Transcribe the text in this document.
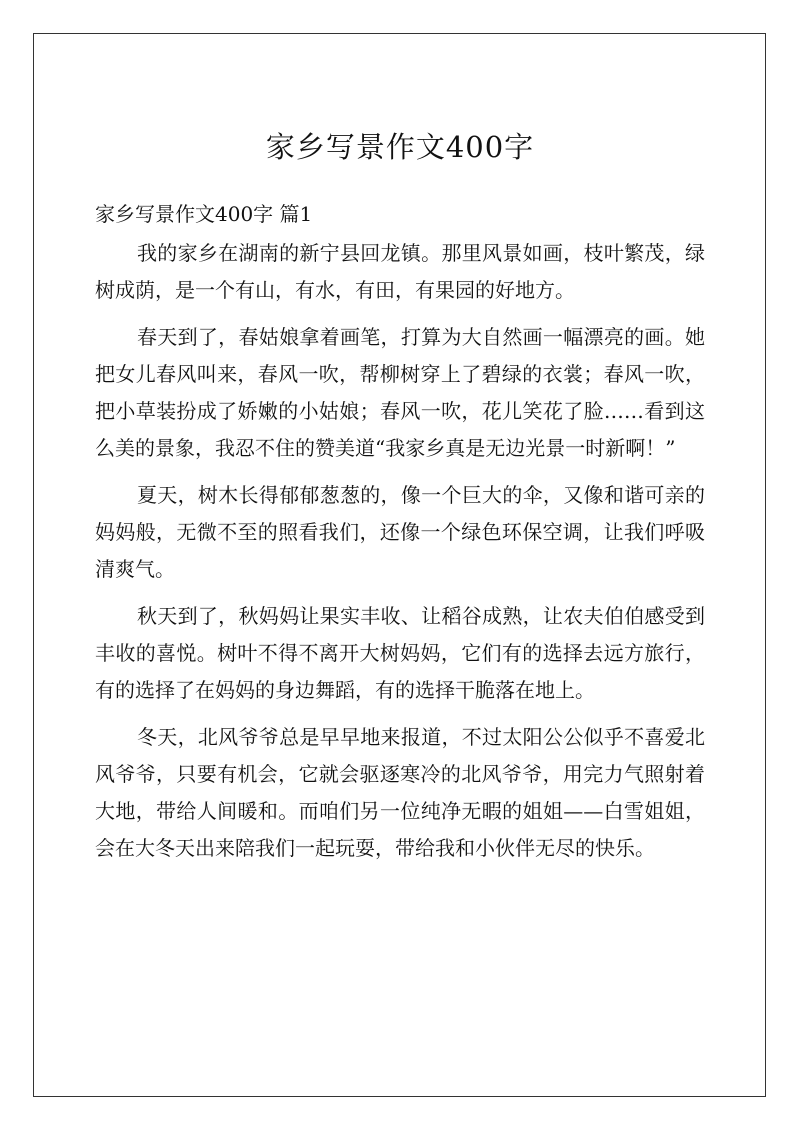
家乡写景作文400字
家乡写景作文400字 篇1

我的家乡在湖南的新宁县回龙镇。那里风景如画，枝叶繁茂，绿树成荫，是一个有山，有水，有田，有果园的好地方。

春天到了，春姑娘拿着画笔，打算为大自然画一幅漂亮的画。她把女儿春风叫来，春风一吹，帮柳树穿上了碧绿的衣裳；春风一吹，把小草装扮成了娇嫩的小姑娘；春风一吹，花儿笑花了脸……看到这么美的景象，我忍不住的赞美道“我家乡真是无边光景一时新啊！”

夏天，树木长得郁郁葱葱的，像一个巨大的伞，又像和谐可亲的妈妈般，无微不至的照看我们，还像一个绿色环保空调，让我们呼吸清爽气。

秋天到了，秋妈妈让果实丰收、让稻谷成熟，让农夫伯伯感受到丰收的喜悦。树叶不得不离开大树妈妈，它们有的选择去远方旅行，有的选择了在妈妈的身边舞蹈，有的选择干脆落在地上。

冬天，北风爷爷总是早早地来报道，不过太阳公公似乎不喜爱北风爷爷，只要有机会，它就会驱逐寒冷的北风爷爷，用完力气照射着大地，带给人间暖和。而咱们另一位纯净无暇的姐姐——白雪姐姐，会在大冬天出来陪我们一起玩耍，带给我和小伙伴无尽的快乐。
